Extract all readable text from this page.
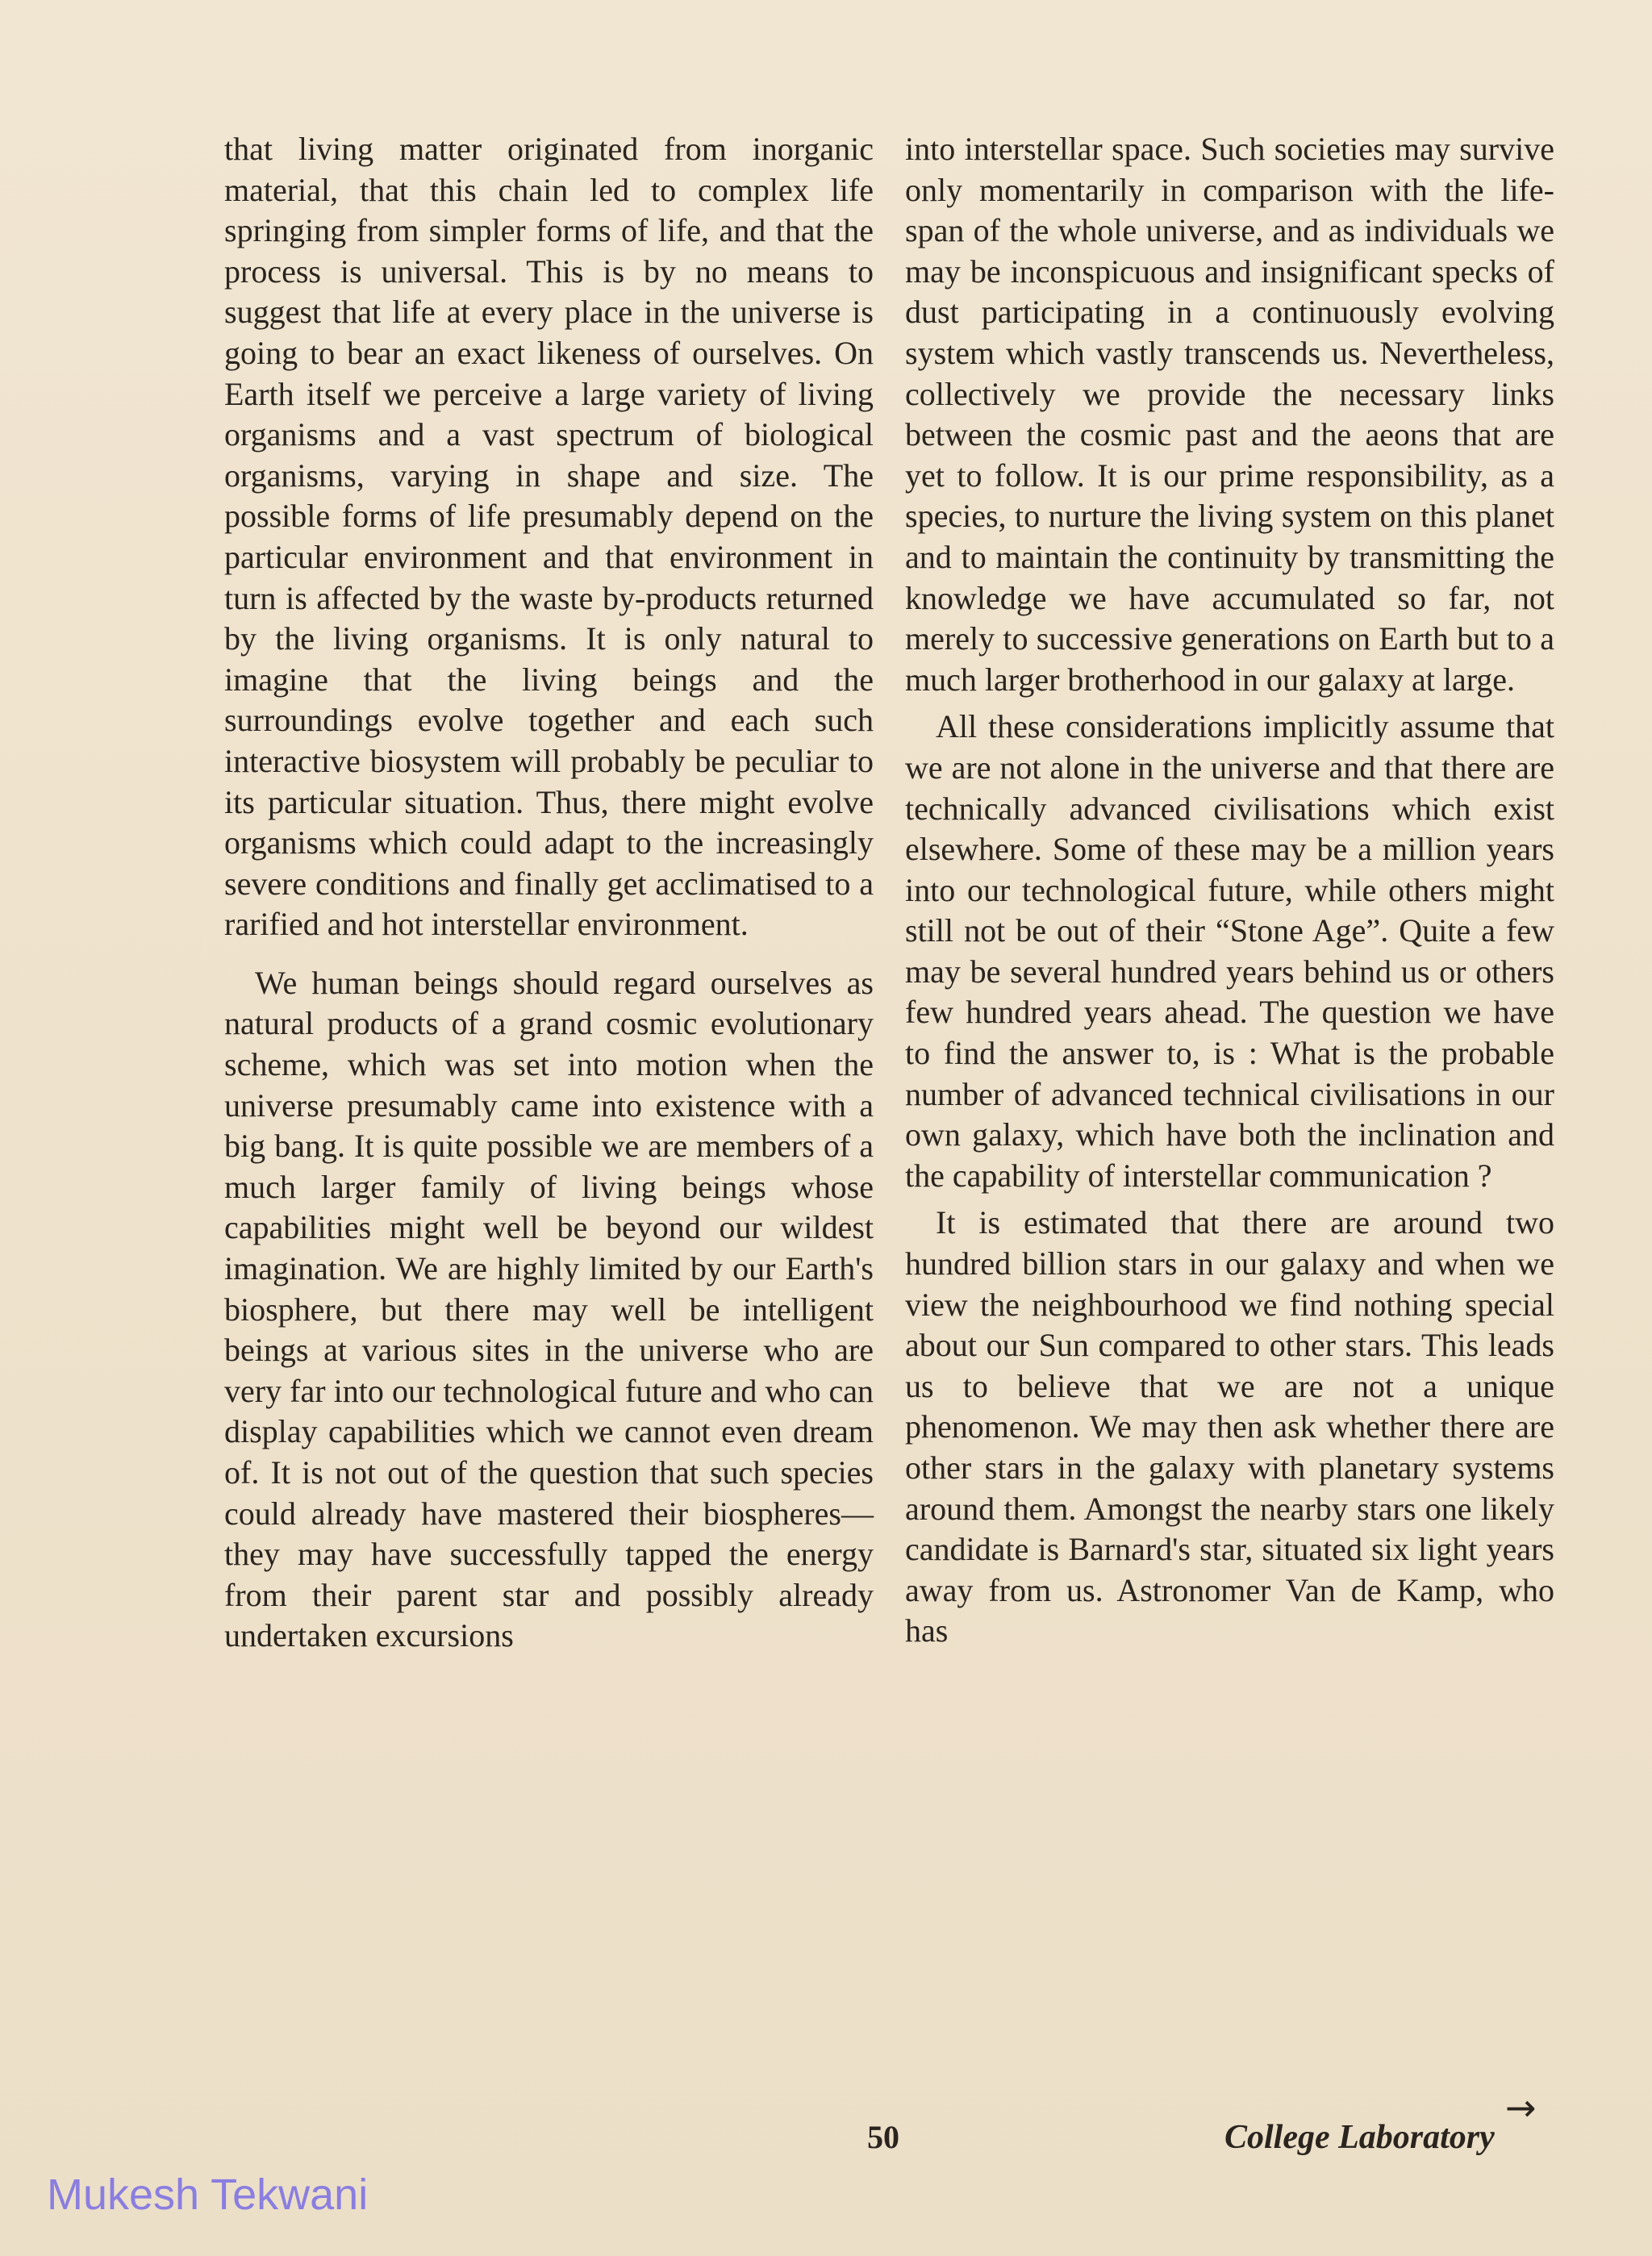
that living matter originated from inorganic material, that this chain led to complex life springing from simpler forms of life, and that the process is universal. This is by no means to suggest that life at every place in the universe is going to bear an exact likeness of ourselves. On Earth itself we perceive a large variety of living organisms and a vast spectrum of biological organisms, varying in shape and size. The possible forms of life presumably depend on the particular environment and that environment in turn is affected by the waste by-products returned by the living organisms. It is only natural to imagine that the living beings and the surroundings evolve together and each such interactive biosystem will probably be peculiar to its particular situation. Thus, there might evolve organisms which could adapt to the increasingly severe conditions and finally get acclimatised to a rarified and hot interstellar environment.

We human beings should regard ourselves as natural products of a grand cosmic evolutionary scheme, which was set into motion when the universe presumably came into existence with a big bang. It is quite possible we are members of a much larger family of living beings whose capabilities might well be beyond our wildest imagination. We are highly limited by our Earth's biosphere, but there may well be intelligent beings at various sites in the universe who are very far into our technological future and who can display capabilities which we cannot even dream of. It is not out of the question that such species could already have mastered their biospheres—they may have successfully tapped the energy from their parent star and possibly already undertaken excursions

into interstellar space. Such societies may survive only momentarily in comparison with the life-span of the whole universe, and as individuals we may be inconspicuous and insignificant specks of dust participating in a continuously evolving system which vastly transcends us. Nevertheless, collectively we provide the necessary links between the cosmic past and the aeons that are yet to follow. It is our prime responsibility, as a species, to nurture the living system on this planet and to maintain the continuity by transmitting the knowledge we have accumulated so far, not merely to successive generations on Earth but to a much larger brotherhood in our galaxy at large.

All these considerations implicitly assume that we are not alone in the universe and that there are technically advanced civilisations which exist elsewhere. Some of these may be a million years into our technological future, while others might still not be out of their “Stone Age”. Quite a few may be several hundred years behind us or others few hundred years ahead. The question we have to find the answer to, is : What is the probable number of advanced technical civilisations in our own galaxy, which have both the inclination and the capability of interstellar communication ?

It is estimated that there are around two hundred billion stars in our galaxy and when we view the neighbourhood we find nothing special about our Sun compared to other stars. This leads us to believe that we are not a unique phenomenon. We may then ask whether there are other stars in the galaxy with planetary systems around them. Amongst the nearby stars one likely candidate is Barnard's star, situated six light years away from us. Astronomer Van de Kamp, who has

→
50	College Laboratory
Mukesh Tekwani
